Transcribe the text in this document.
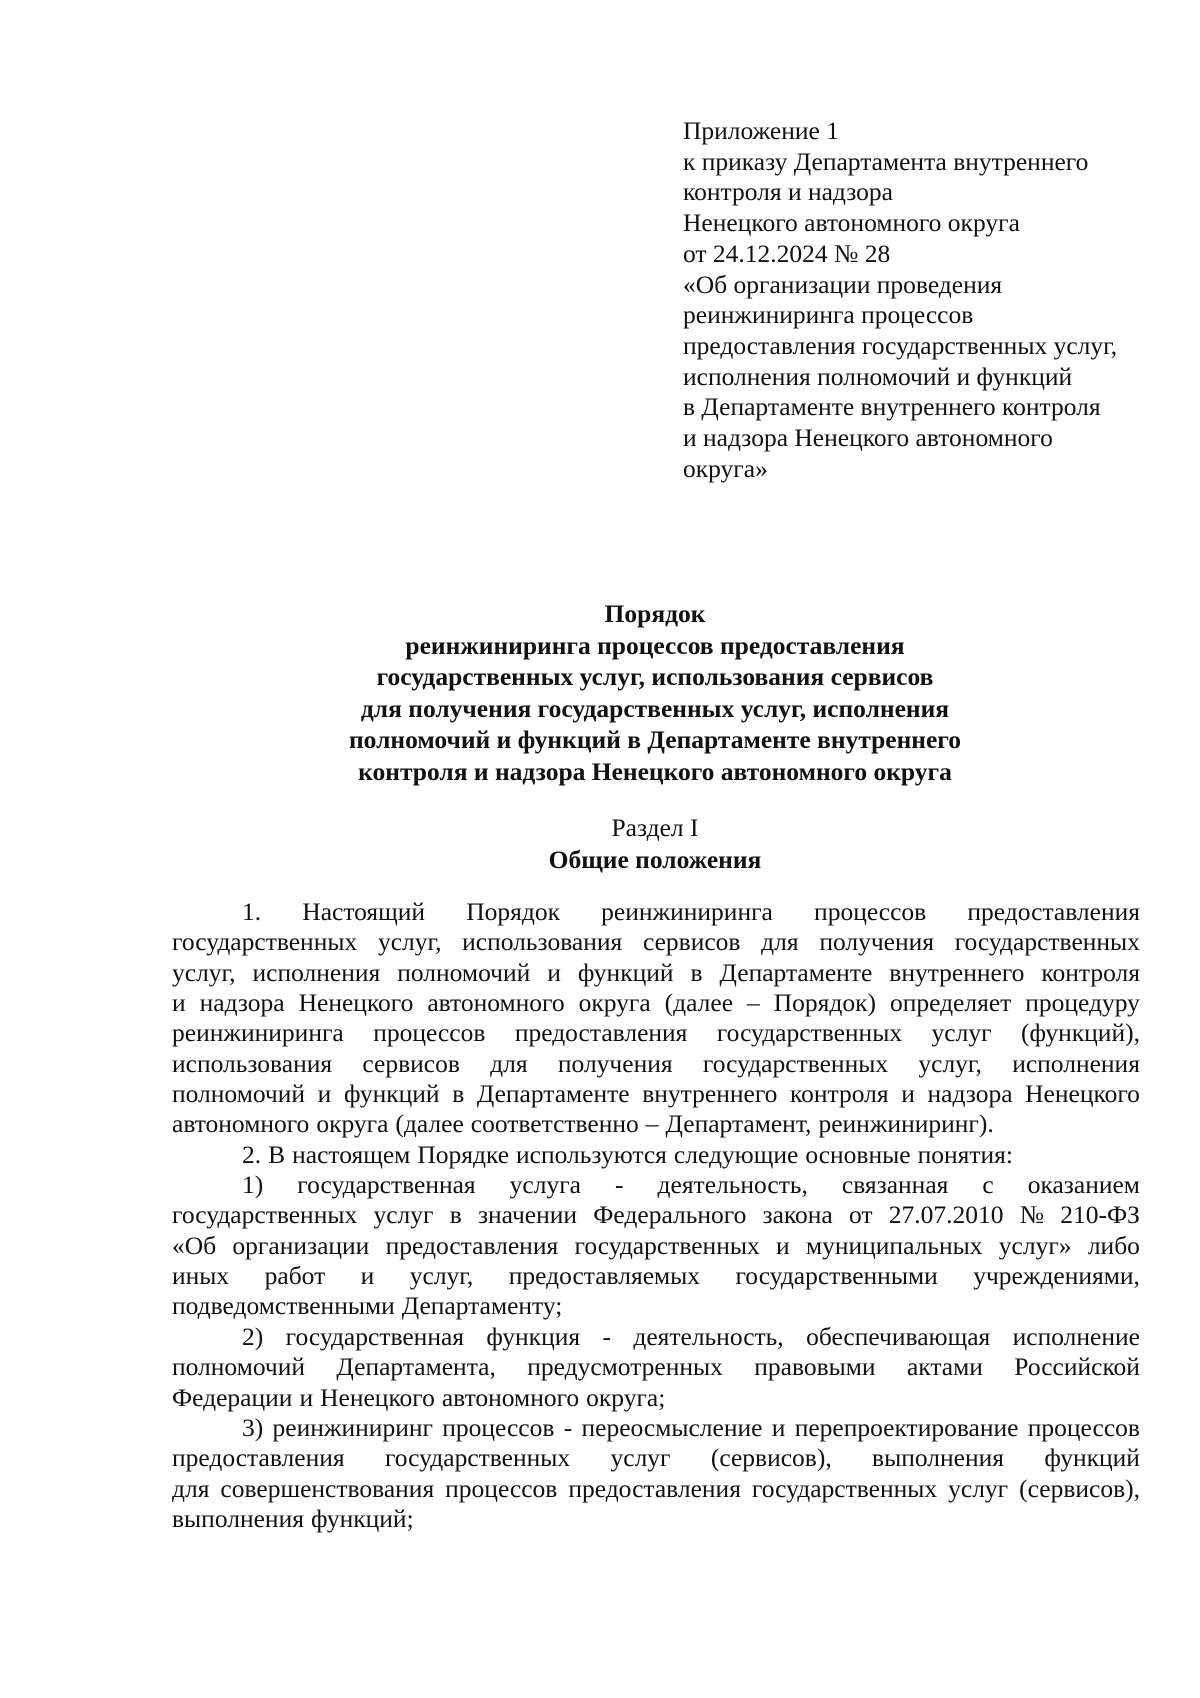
Приложение 1
к приказу Департамента внутреннего
контроля и надзора
Ненецкого автономного округа
от 24.12.2024 № 28
«Об организации проведения
реинжиниринга процессов
предоставления государственных услуг,
исполнения полномочий и функций
в Департаменте внутреннего контроля
и надзора Ненецкого автономного
округа»
Порядок
реинжиниринга процессов предоставления
государственных услуг, использования сервисов
для получения государственных услуг, исполнения
полномочий и функций в Департаменте внутреннего
контроля и надзора Ненецкого автономного округа
Раздел I
Общие положения
1. Настоящий Порядок реинжиниринга процессов предоставления
государственных услуг, использования сервисов для получения государственных
услуг, исполнения полномочий и функций в Департаменте внутреннего контроля
и надзора Ненецкого автономного округа (далее – Порядок) определяет процедуру
реинжиниринга процессов предоставления государственных услуг (функций),
использования сервисов для получения государственных услуг, исполнения
полномочий и функций в Департаменте внутреннего контроля и надзора Ненецкого
автономного округа (далее соответственно – Департамент, реинжиниринг).
2. В настоящем Порядке используются следующие основные понятия:
1) государственная услуга - деятельность, связанная с оказанием
государственных услуг в значении Федерального закона от 27.07.2010 № 210-ФЗ
«Об организации предоставления государственных и муниципальных услуг» либо
иных работ и услуг, предоставляемых государственными учреждениями,
подведомственными Департаменту;
2) государственная функция - деятельность, обеспечивающая исполнение
полномочий Департамента, предусмотренных правовыми актами Российской
Федерации и Ненецкого автономного округа;
3) реинжиниринг процессов - переосмысление и перепроектирование процессов
предоставления государственных услуг (сервисов), выполнения функций
для совершенствования процессов предоставления государственных услуг (сервисов),
выполнения функций;
